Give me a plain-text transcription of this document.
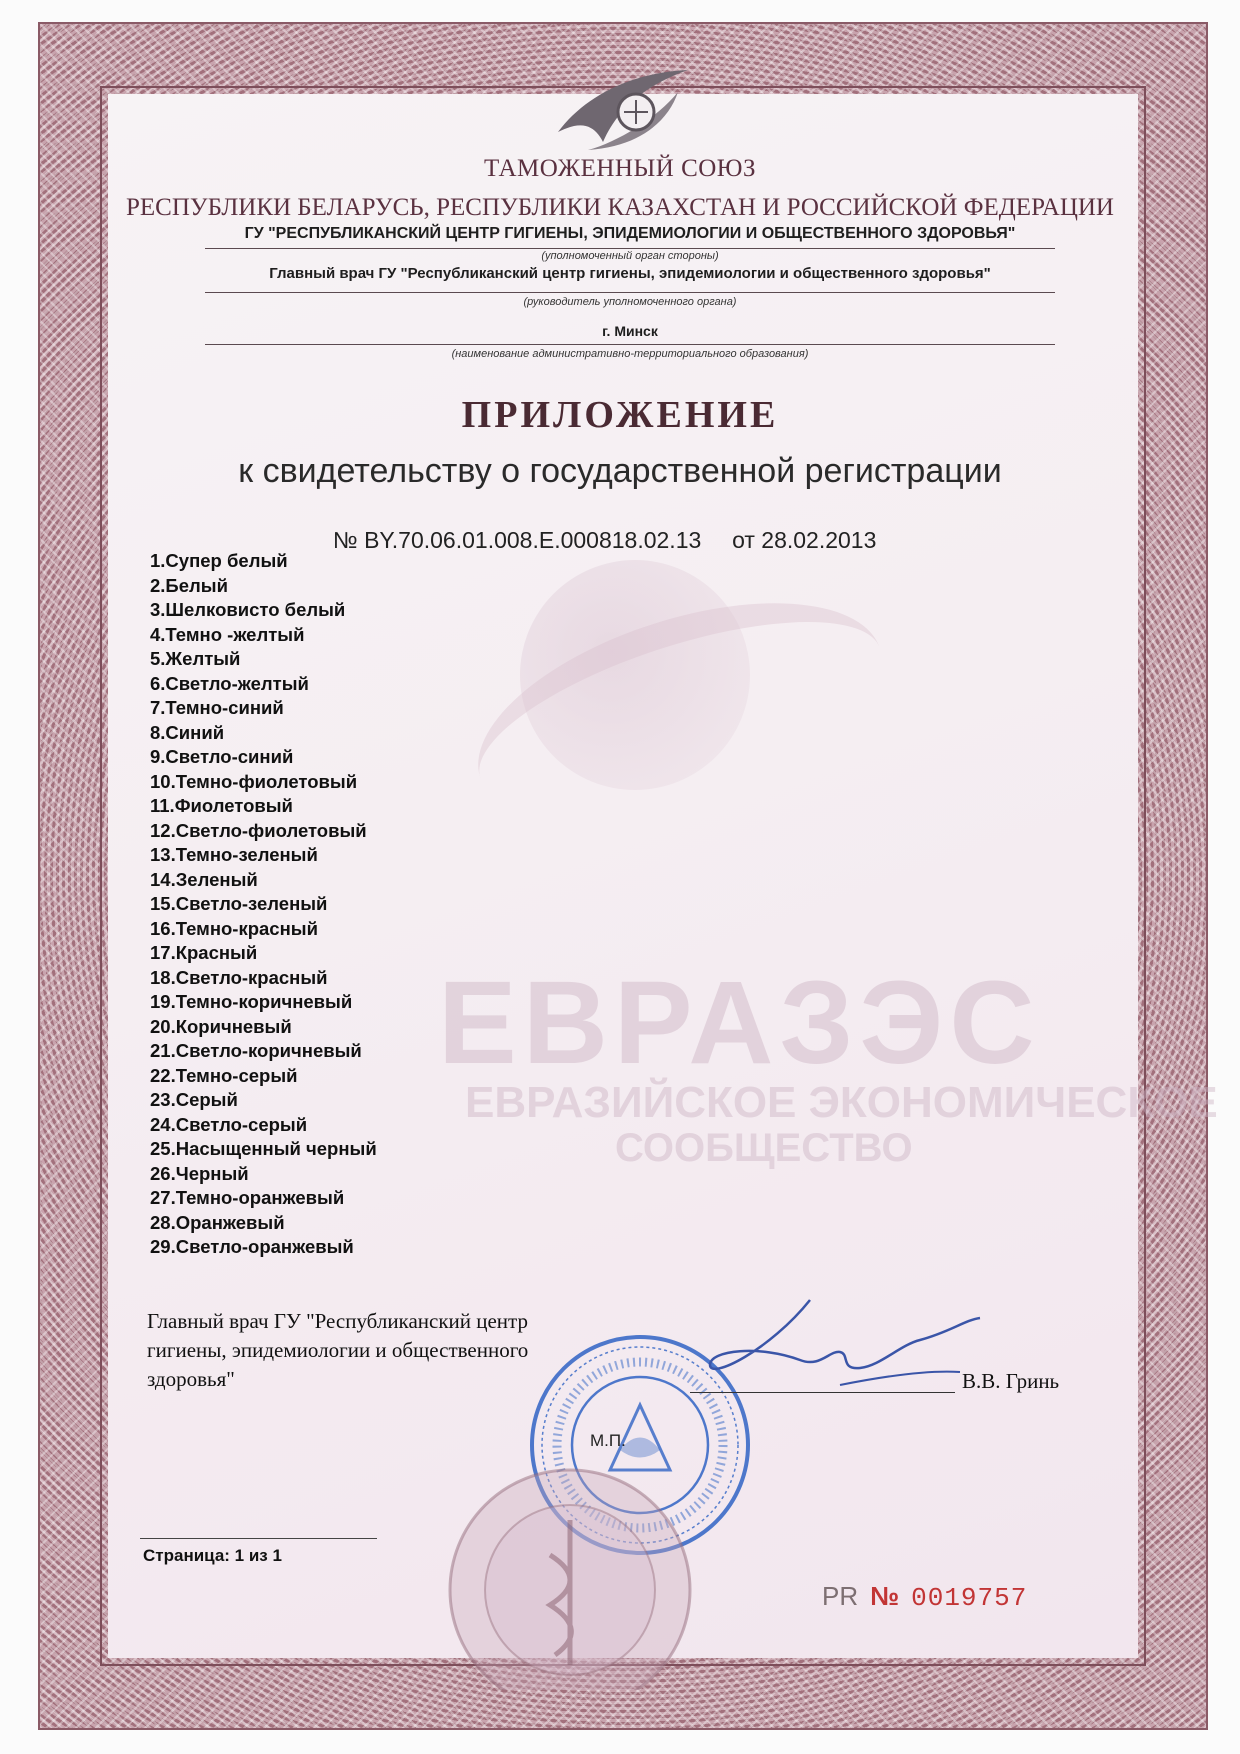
ЕВРАЗЭС
ЕВРАЗИЙСКОЕ ЭКОНОМИЧЕСКОЕ
СООБЩЕСТВО
ТАМОЖЕННЫЙ СОЮЗ
РЕСПУБЛИКИ БЕЛАРУСЬ, РЕСПУБЛИКИ КАЗАХСТАН И РОССИЙСКОЙ ФЕДЕРАЦИИ
ГУ "РЕСПУБЛИКАНСКИЙ ЦЕНТР ГИГИЕНЫ, ЭПИДЕМИОЛОГИИ И ОБЩЕСТВЕННОГО ЗДОРОВЬЯ"
(уполномоченный орган стороны)
Главный врач ГУ "Республиканский центр гигиены, эпидемиологии и общественного здоровья"
(руководитель уполномоченного органа)
г. Минск
(наименование административно-территориального образования)
ПРИЛОЖЕНИЕ
к свидетельству о государственной регистрации
№ BY.70.06.01.008.E.000818.02.13 от 28.02.2013
1.Супер белый
2.Белый
3.Шелковисто белый
4.Темно -желтый
5.Желтый
6.Светло-желтый
7.Темно-синий
8.Синий
9.Светло-синий
10.Темно-фиолетовый
11.Фиолетовый
12.Светло-фиолетовый
13.Темно-зеленый
14.Зеленый
15.Светло-зеленый
16.Темно-красный
17.Красный
18.Светло-красный
19.Темно-коричневый
20.Коричневый
21.Светло-коричневый
22.Темно-серый
23.Серый
24.Светло-серый
25.Насыщенный черный
26.Черный
27.Темно-оранжевый
28.Оранжевый
29.Светло-оранжевый
Главный врач ГУ "Республиканский центр
гигиены, эпидемиологии и общественного
здоровья"	В.В. Гринь
М.П.
Страница: 1 из 1
PR № 0019757
